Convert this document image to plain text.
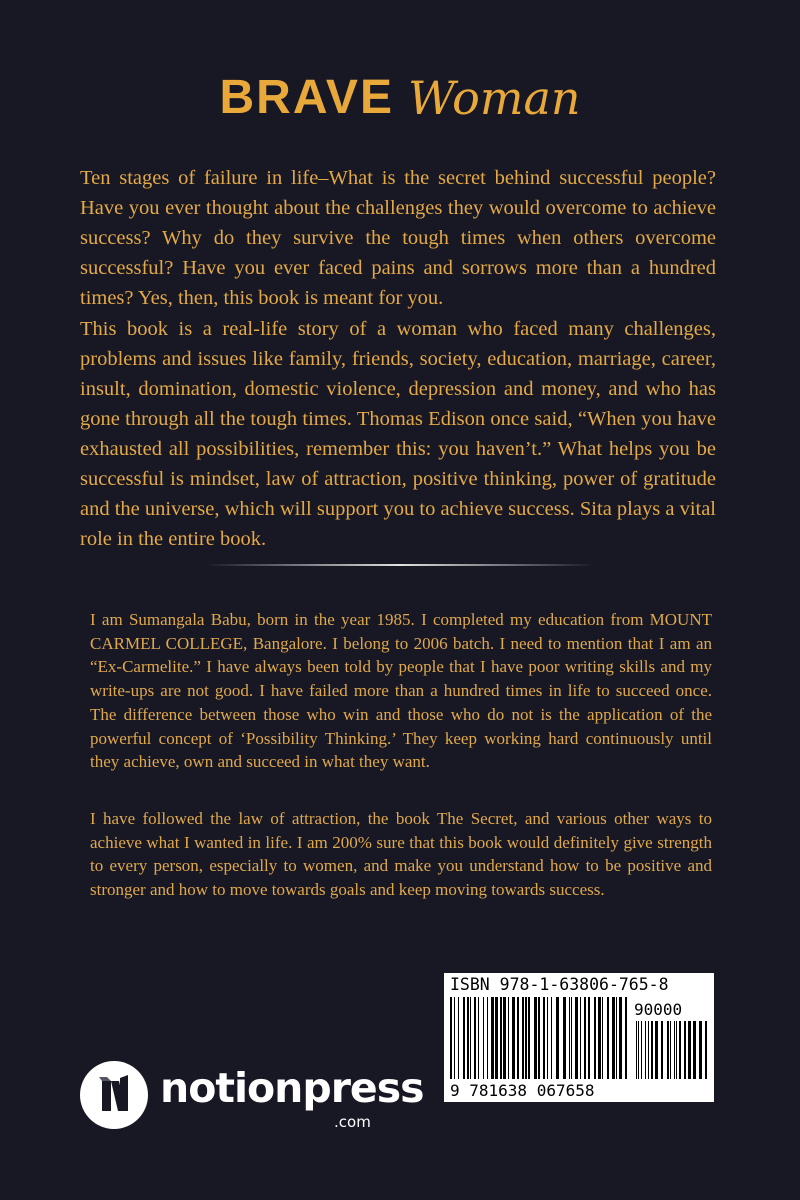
BRAVE Woman

Ten stages of failure in life–What is the secret behind successful people? Have you ever thought about the challenges they would overcome to achieve success? Why do they survive the tough times when others overcome successful? Have you ever faced pains and sorrows more than a hundred times? Yes, then, this book is meant for you.

This book is a real-life story of a woman who faced many challenges, problems and issues like family, friends, society, education, marriage, career, insult, domination, domestic violence, depression and money, and who has gone through all the tough times. Thomas Edison once said, “When you have exhausted all possibilities, remember this: you haven’t.” What helps you be successful is mindset, law of attraction, positive thinking, power of gratitude and the universe, which will support you to achieve success. Sita plays a vital role in the entire book.

I am Sumangala Babu, born in the year 1985. I completed my education from MOUNT CARMEL COLLEGE, Bangalore. I belong to 2006 batch. I need to mention that I am an “Ex-Carmelite.” I have always been told by people that I have poor writing skills and my write-ups are not good. I have failed more than a hundred times in life to succeed once. The difference between those who win and those who do not is the application of the powerful concept of ‘Possibility Thinking.’ They keep working hard continuously until they achieve, own and succeed in what they want.

I have followed the law of attraction, the book The Secret, and various other ways to achieve what I wanted in life. I am 200% sure that this book would definitely give strength to every person, especially to women, and make you understand how to be positive and stronger and how to move towards goals and keep moving towards success.

notionpress
.com
ISBN 978-1-63806-765-8
90000
9 781638 067658
